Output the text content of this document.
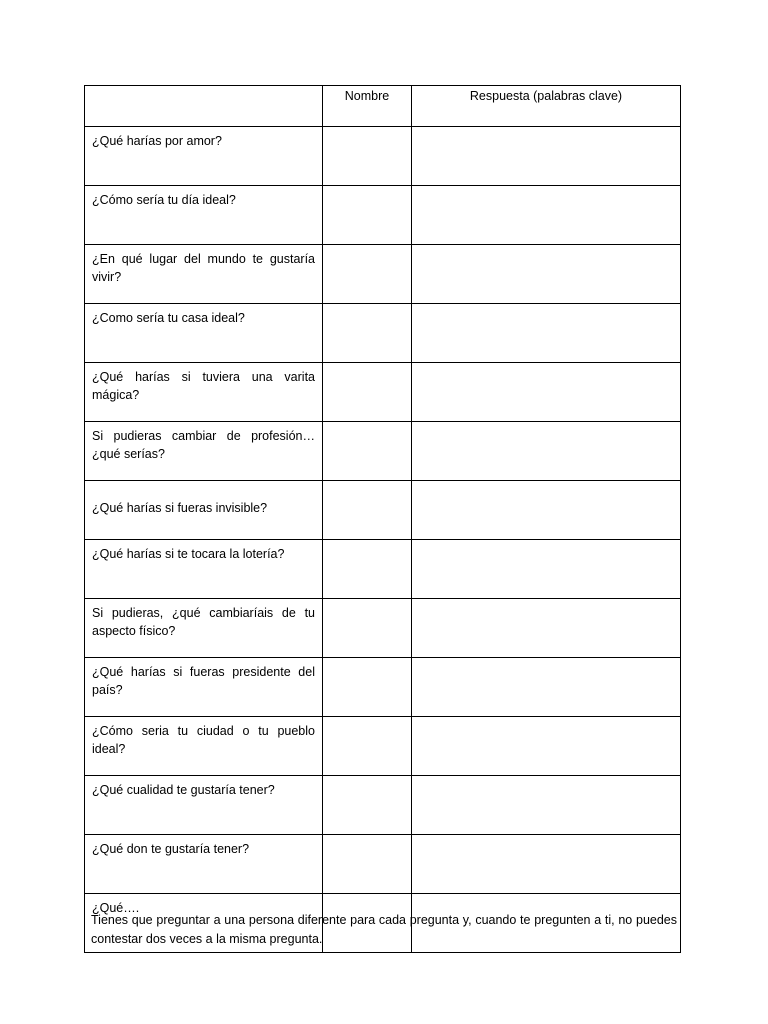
	Nombre	Respuesta (palabras clave)
¿Qué harías por amor?		
¿Cómo sería tu día ideal?		
¿En qué lugar del mundo te gustaría vivir?		
¿Como sería tu casa ideal?		
¿Qué harías si tuviera una varita mágica?		
Si pudieras cambiar de profesión… ¿qué serías?		

¿Qué harías si fueras invisible?		

¿Qué harías si te tocara la lotería?		
Si pudieras, ¿qué cambiaríais de tu aspecto físico?		
¿Qué harías si fueras presidente del país?		
¿Cómo seria tu ciudad o tu pueblo ideal?		
¿Qué cualidad te gustaría tener?		
¿Qué don te gustaría tener?		
¿Qué….		

Tienes que preguntar a una persona diferente para cada pregunta y, cuando te pregunten a ti, no puedes contestar dos veces a la misma pregunta.
